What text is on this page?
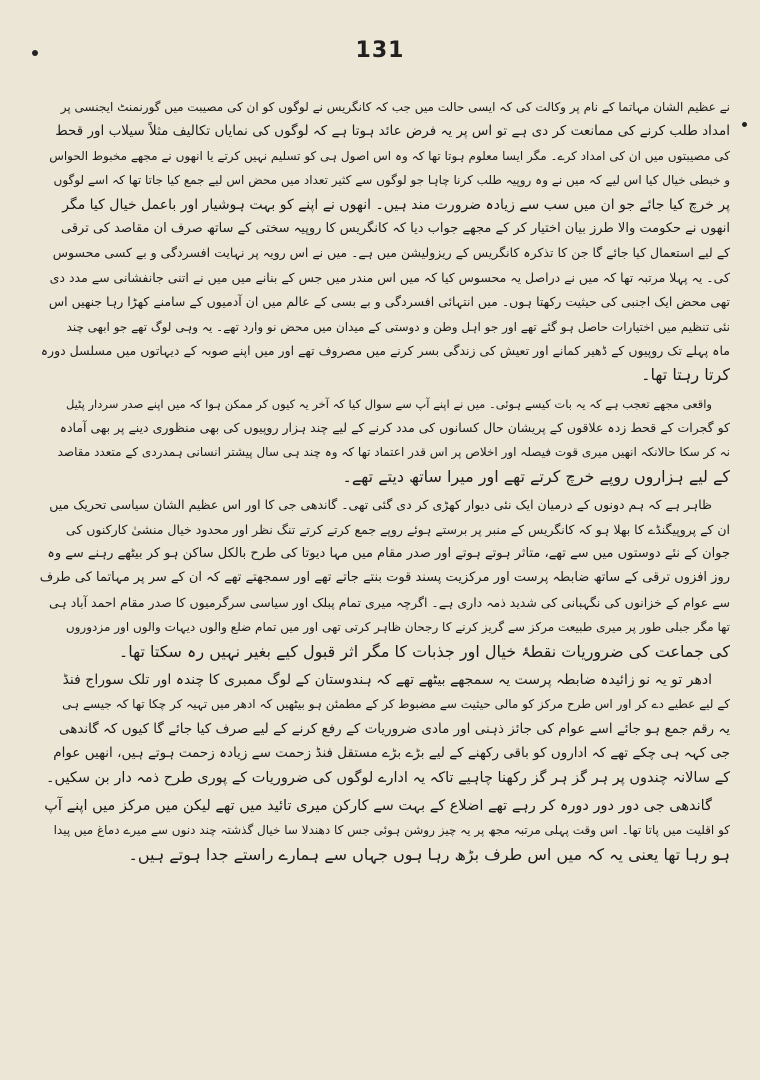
131
نے عظیم الشان مہاتما کے نام پر وکالت کی کہ ایسی حالت میں جب کہ کانگریس نے لوگوں کو ان کی مصیبت میں گورنمنٹ ایجنسی پر
امداد طلب کرنے کی ممانعت کر دی ہے تو اس پر یہ فرض عائد ہوتا ہے کہ لوگوں کی نمایاں تکالیف مثلاً سیلاب اور قحط
کی مصیبتوں میں ان کی امداد کرے۔ مگر ایسا معلوم ہوتا تھا کہ وہ اس اصول ہی کو تسلیم نہیں کرتے یا انھوں نے مجھے مخبوط الحواس
و خبطی خیال کیا اس لیے کہ میں نے وہ روپیہ طلب کرنا چاہا جو لوگوں سے کثیر تعداد میں محض اس لیے جمع کیا جاتا تھا کہ اسے لوگوں
پر خرچ کیا جائے جو ان میں سب سے زیادہ ضرورت مند ہیں۔ انھوں نے اپنے کو بہت ہوشیار اور باعمل خیال کیا مگر
انھوں نے حکومت والا طرز بیان اختیار کر کے مجھے جواب دیا کہ کانگریس کا روپیہ سختی کے ساتھ صرف ان مقاصد کی ترقی
کے لیے استعمال کیا جائے گا جن کا تذکرہ کانگریس کے ریزولیشن میں ہے۔ میں نے اس رویہ پر نہایت افسردگی و بے کسی محسوس
کی۔ یہ پہلا مرتبہ تھا کہ میں نے دراصل یہ محسوس کیا کہ میں اس مندر میں جس کے بنانے میں میں نے اتنی جانفشانی سے مدد دی
تھی محض ایک اجنبی کی حیثیت رکھتا ہوں۔ میں انتہائی افسردگی و بے بسی کے عالم میں ان آدمیوں کے سامنے کھڑا رہا جنھیں اس
نئی تنظیم میں اختیارات حاصل ہو گئے تھے اور جو اہل وطن و دوستی کے میدان میں محض نو وارد تھے۔ یہ وہی لوگ تھے جو ابھی چند
ماہ پہلے تک روپیوں کے ڈھیر کمانے اور تعیش کی زندگی بسر کرنے میں مصروف تھے اور میں اپنے صوبہ کے دیہاتوں میں مسلسل دورہ
کرتا رہتا تھا۔
واقعی مجھے تعجب ہے کہ یہ بات کیسے ہوئی۔ میں نے اپنے آپ سے سوال کیا کہ آخر یہ کیوں کر ممکن ہوا کہ میں اپنے صدر سردار پٹیل
کو گجرات کے قحط زدہ علاقوں کے پریشان حال کسانوں کی مدد کرنے کے لیے چند ہزار روپیوں کی بھی منظوری دینے پر بھی آمادہ
نہ کر سکا حالانکہ انھیں میری قوت فیصلہ اور اخلاص پر اس قدر اعتماد تھا کہ وہ چند ہی سال پیشتر انسانی ہمدردی کے متعدد مقاصد
کے لیے ہزاروں روپے خرچ کرتے تھے اور میرا ساتھ دیتے تھے۔
ظاہر ہے کہ ہم دونوں کے درمیان ایک نئی دیوار کھڑی کر دی گئی تھی۔ گاندھی جی کا اور اس عظیم الشان سیاسی تحریک میں
ان کے پروپیگنڈے کا بھلا ہو کہ کانگریس کے منبر پر برستے ہوئے روپے جمع کرتے کرتے تنگ نظر اور محدود خیال منشیٰ کارکنوں کی
جوان کے نئے دوستوں میں سے تھے، متاثر ہوتے ہوتے اور صدر مقام میں مہا دیوتا کی طرح بالکل ساکن ہو کر بیٹھے رہنے سے وہ
روز افزوں ترقی کے ساتھ ضابطہ پرست اور مرکزیت پسند قوت بنتے جاتے تھے اور سمجھتے تھے کہ ان کے سر پر مہاتما کی طرف
سے عوام کے خزانوں کی نگہبانی کی شدید ذمہ داری ہے۔ اگرچہ میری تمام پبلک اور سیاسی سرگرمیوں کا صدر مقام احمد آباد ہی
تھا مگر جبلی طور پر میری طبیعت مرکز سے گریز کرنے کا رجحان ظاہر کرتی تھی اور میں تمام ضلع والوں دیہات والوں اور مزدوروں
کی جماعت کی ضروریات نقطۂ خیال اور جذبات کا مگر اثر قبول کیے بغیر نہیں رہ سکتا تھا۔
ادھر تو یہ نو زائیدہ ضابطہ پرست یہ سمجھے بیٹھے تھے کہ ہندوستان کے لوگ ممبری کا چندہ اور تلک سوراج فنڈ
کے لیے عطیے دے کر اور اس طرح مرکز کو مالی حیثیت سے مضبوط کر کے مطمئن ہو بیٹھیں کہ ادھر میں تہیہ کر چکا تھا کہ جیسے ہی
یہ رقم جمع ہو جائے اسے عوام کی جائز ذہنی اور مادی ضروریات کے رفع کرنے کے لیے صرف کیا جائے گا کیوں کہ گاندھی
جی کہہ ہی چکے تھے کہ اداروں کو باقی رکھنے کے لیے بڑے بڑے مستقل فنڈ زحمت سے زیادہ زحمت ہوتے ہیں، انھیں عوام
کے سالانہ چندوں پر ہر گز ہر گز رکھنا چاہیے تاکہ یہ ادارے لوگوں کی ضروریات کے پوری طرح ذمہ دار بن سکیں۔
گاندھی جی دور دور دورہ کر رہے تھے اضلاع کے بہت سے کارکن میری تائید میں تھے لیکن میں مرکز میں اپنے آپ
کو اقلیت میں پاتا تھا۔ اس وقت پہلی مرتبہ مجھ پر یہ چیز روشن ہوئی جس کا دھندلا سا خیال گذشتہ چند دنوں سے میرے دماغ میں پیدا
ہو رہا تھا یعنی یہ کہ میں اس طرف بڑھ رہا ہوں جہاں سے ہمارے راستے جدا ہوتے ہیں۔
